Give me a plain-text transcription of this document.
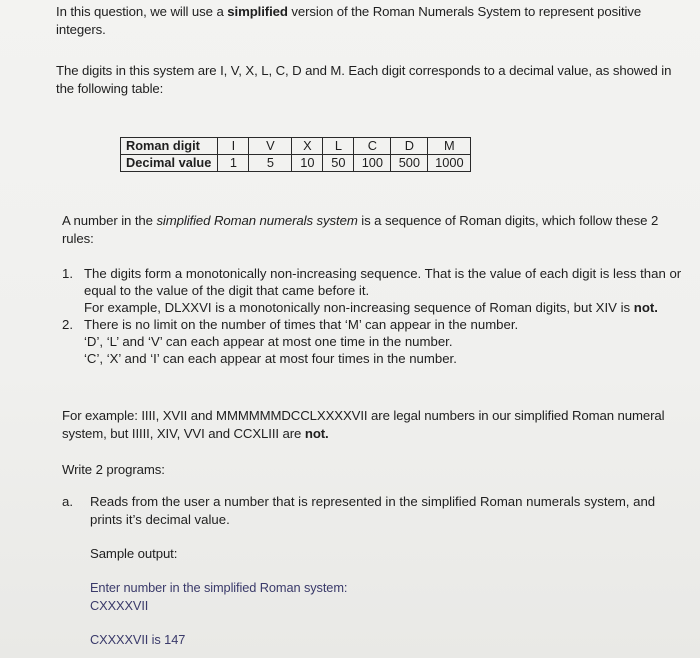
In this question, we will use a simplified version of the Roman Numerals System to represent positive integers.
The digits in this system are I, V, X, L, C, D and M. Each digit corresponds to a decimal value, as showed in the following table:
Roman digit	I	V	X	L	C	D	M
Decimal value	1	5	10	50	100	500	1000
A number in the simplified Roman numerals system is a sequence of Roman digits, which follow these 2 rules:
1. The digits form a monotonically non-increasing sequence. That is the value of each digit is less than or equal to the value of the digit that came before it.
For example, DLXXVI is a monotonically non-increasing sequence of Roman digits, but XIV is not.
2. There is no limit on the number of times that ‘M’ can appear in the number.
‘D’, ‘L’ and ‘V’ can each appear at most one time in the number.
‘C’, ‘X’ and ‘I’ can each appear at most four times in the number.
For example: IIII, XVII and MMMMMMDCCLXXXXVII are legal numbers in our simplified Roman numeral system, but IIIII, XIV, VVI and CCXLIII are not.
Write 2 programs:
a.	Reads from the user a number that is represented in the simplified Roman numerals system, and prints it’s decimal value.
Sample output:
Enter number in the simplified Roman system:
CXXXXVII
CXXXXVII is 147
